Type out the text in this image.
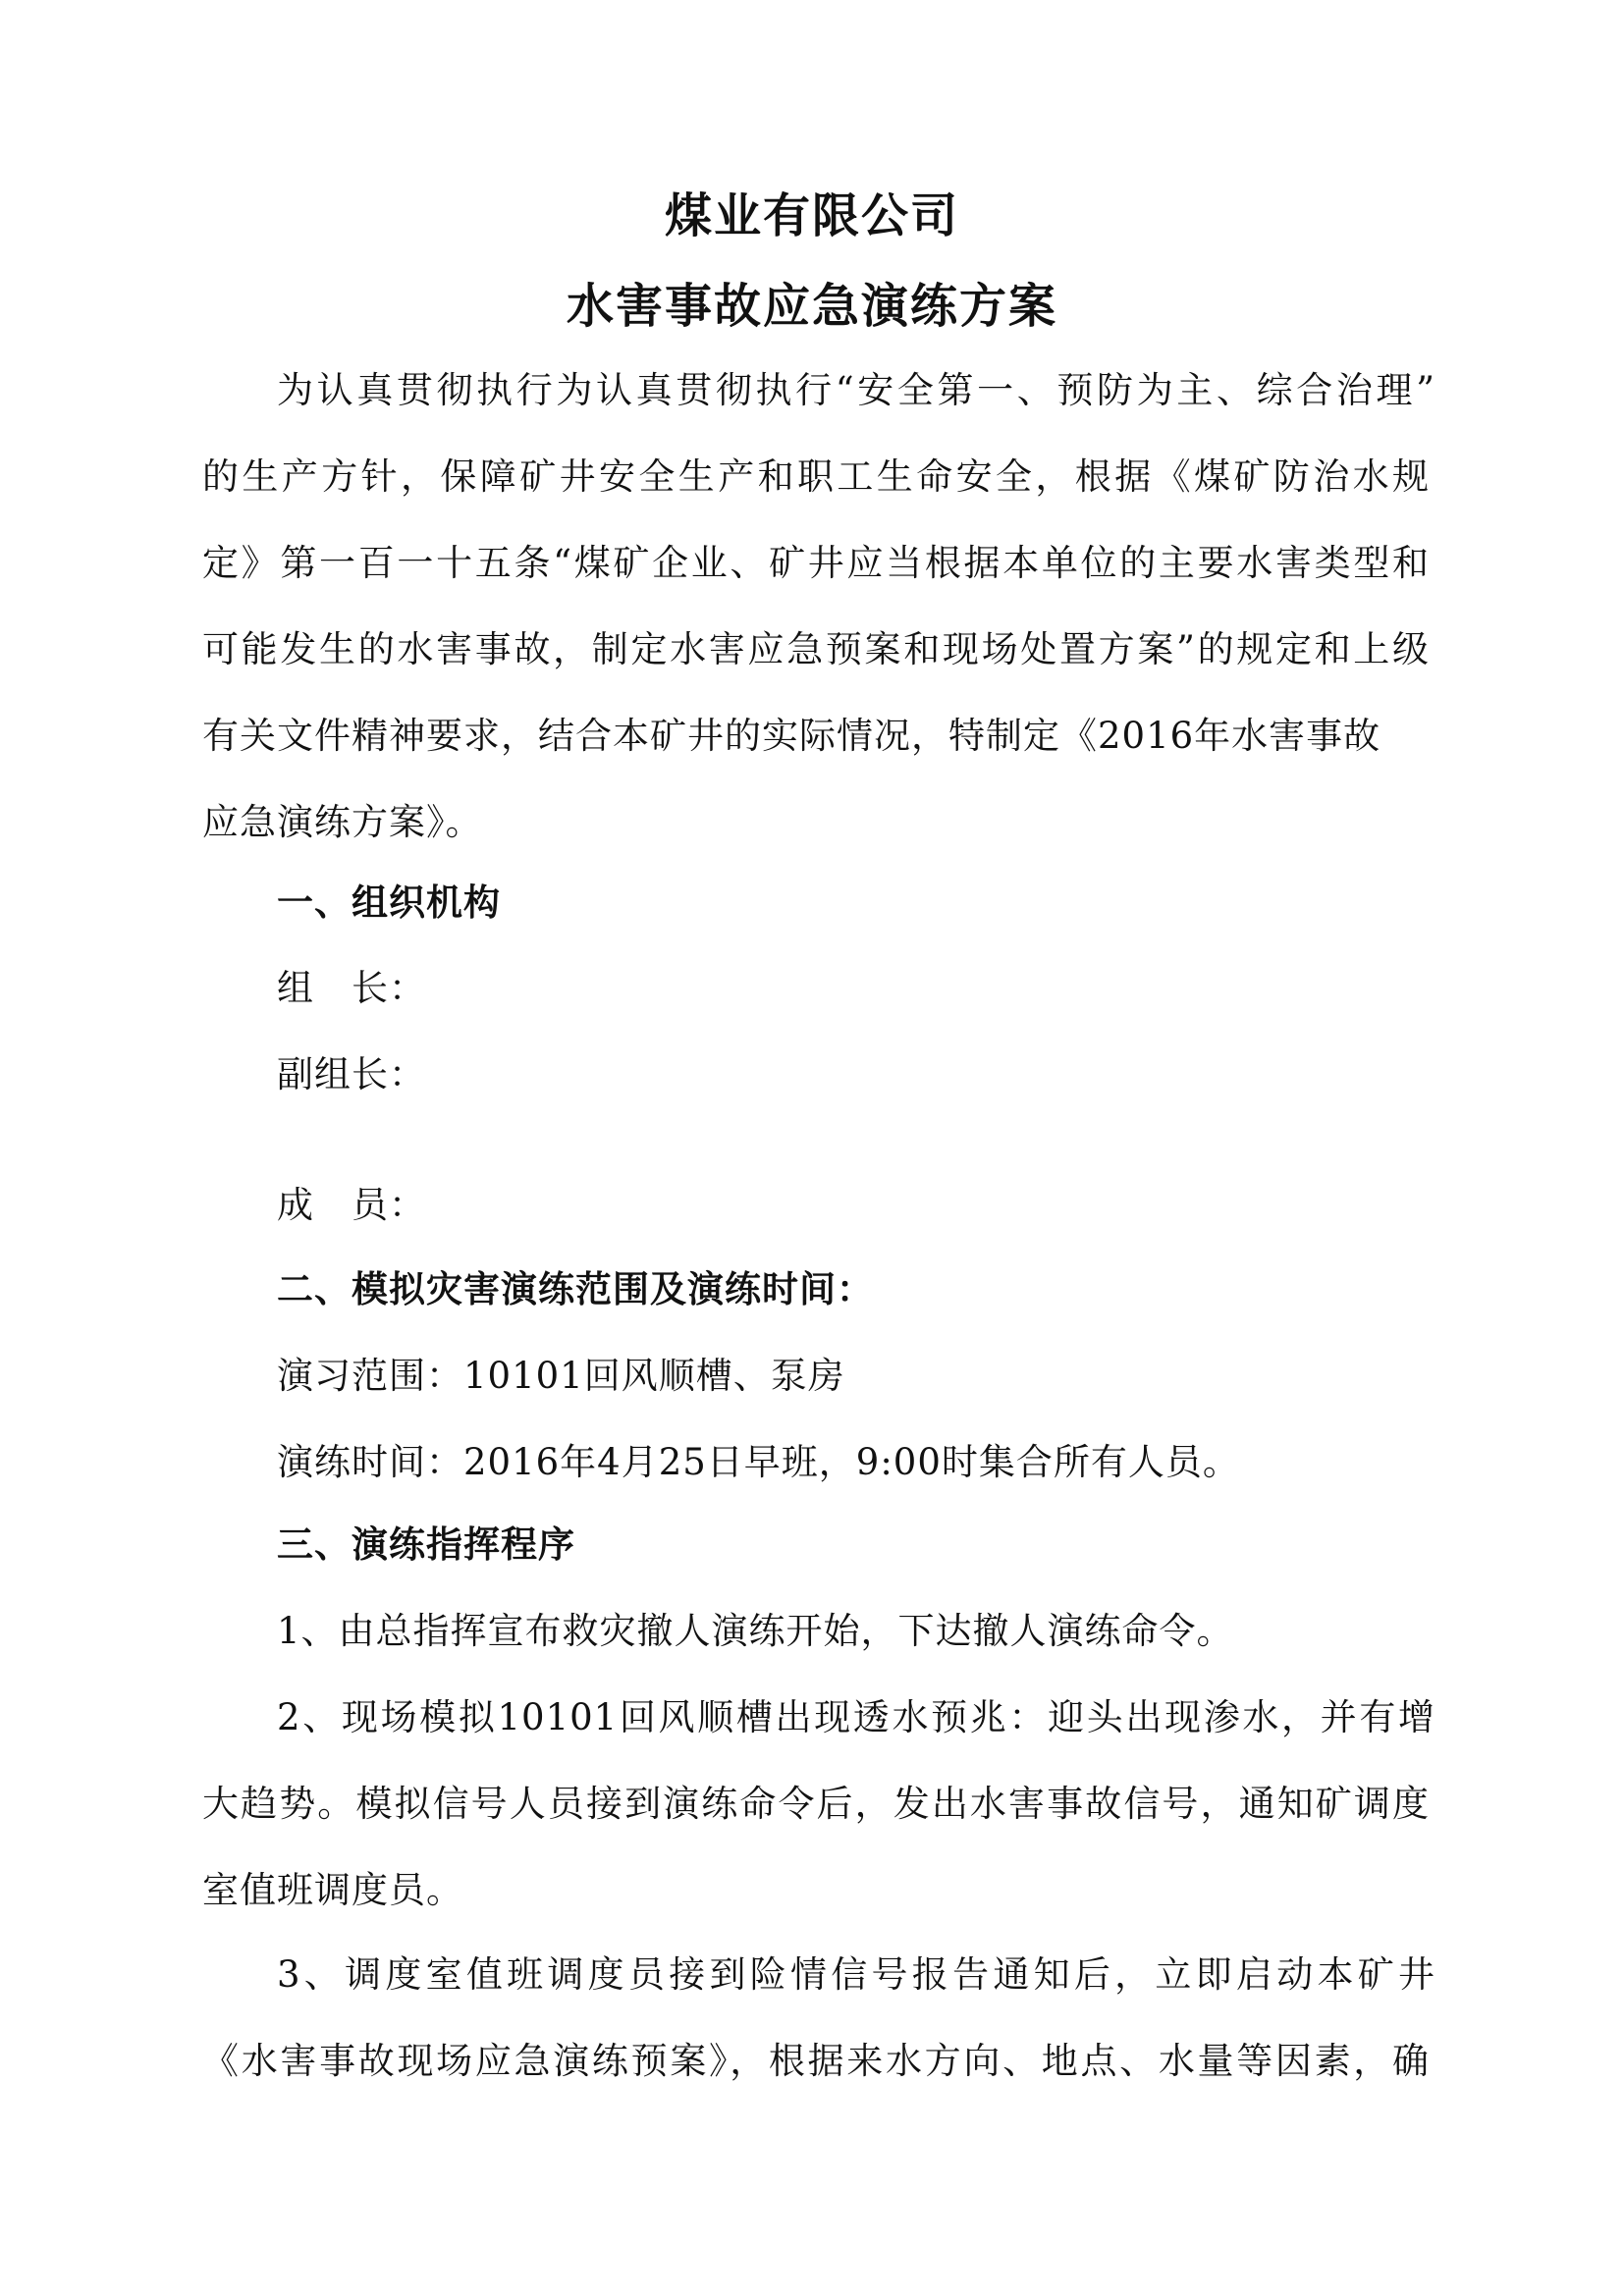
煤业有限公司
水害事故应急演练方案
为认真贯彻执行为认真贯彻执行“安全第一、预防为主、综合治理”
的生产方针，保障矿井安全生产和职工生命安全，根据《煤矿防治水规
定》第一百一十五条“煤矿企业、矿井应当根据本单位的主要水害类型和
可能发生的水害事故，制定水害应急预案和现场处置方案”的规定和上级
有关文件精神要求，结合本矿井的实际情况，特制定《2016年水害事故
应急演练方案》。
一、组织机构
组　长：
副组长：
成　员：
二、模拟灾害演练范围及演练时间：
演习范围：10101回风顺槽、泵房
演练时间：2016年4月25日早班，9:00时集合所有人员。
三、演练指挥程序
1、由总指挥宣布救灾撤人演练开始，下达撤人演练命令。
2、现场模拟10101回风顺槽出现透水预兆：迎头出现渗水，并有增
大趋势。模拟信号人员接到演练命令后，发出水害事故信号，通知矿调度
室值班调度员。
3、调度室值班调度员接到险情信号报告通知后，立即启动本矿井
《水害事故现场应急演练预案》，根据来水方向、地点、水量等因素，确
